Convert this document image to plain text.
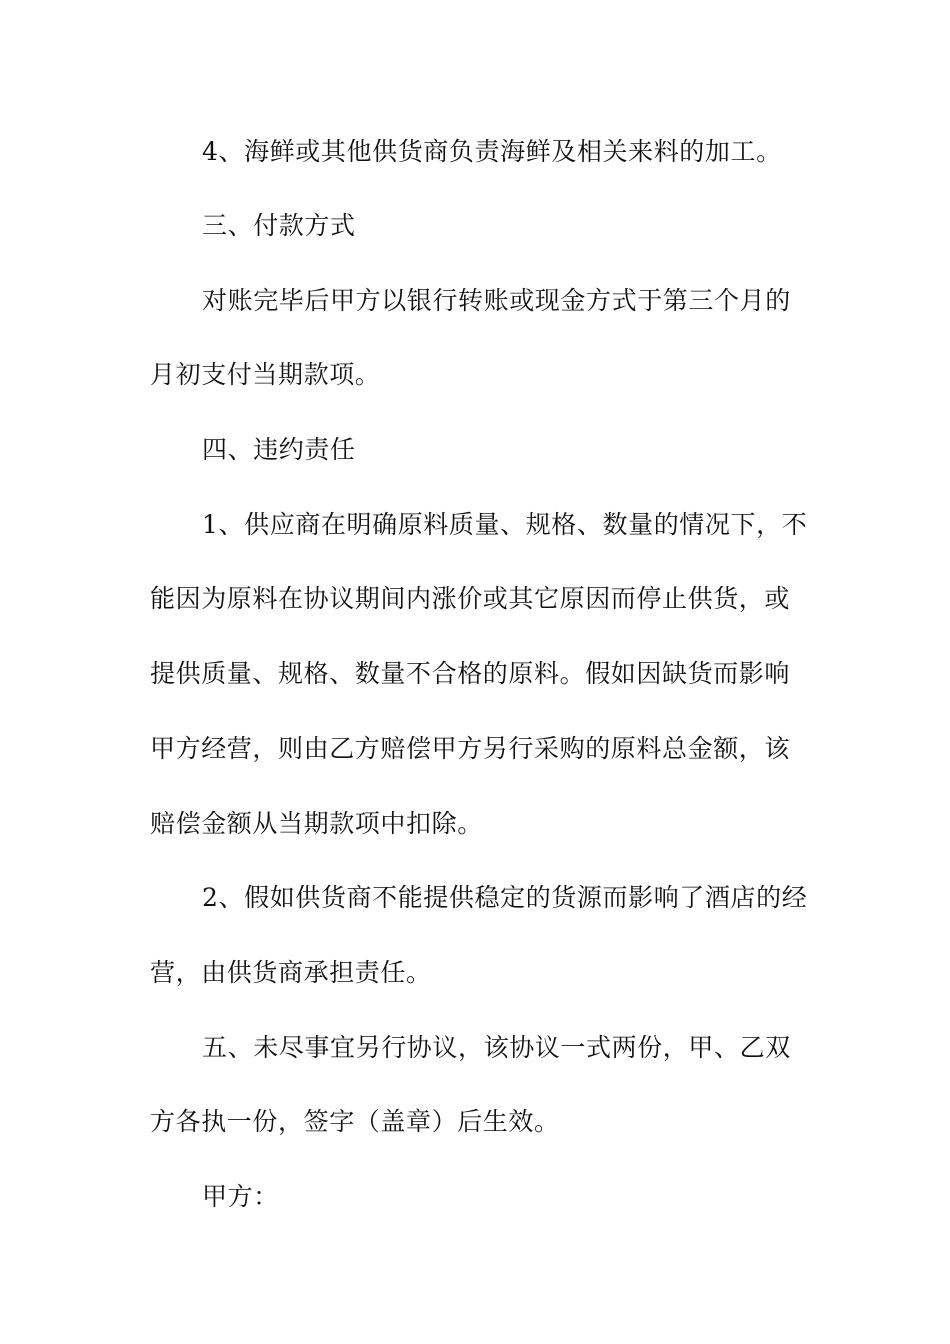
4、海鲜或其他供货商负责海鲜及相关来料的加工。
三、付款方式
对账完毕后甲方以银行转账或现金方式于第三个月的
月初支付当期款项。
四、违约责任
1、供应商在明确原料质量、规格、数量的情况下，不
能因为原料在协议期间内涨价或其它原因而停止供货，或
提供质量、规格、数量不合格的原料。假如因缺货而影响
甲方经营，则由乙方赔偿甲方另行采购的原料总金额，该
赔偿金额从当期款项中扣除。
2、假如供货商不能提供稳定的货源而影响了酒店的经
营，由供货商承担责任。
五、未尽事宜另行协议，该协议一式两份，甲、乙双
方各执一份，签字（盖章）后生效。
甲方：
